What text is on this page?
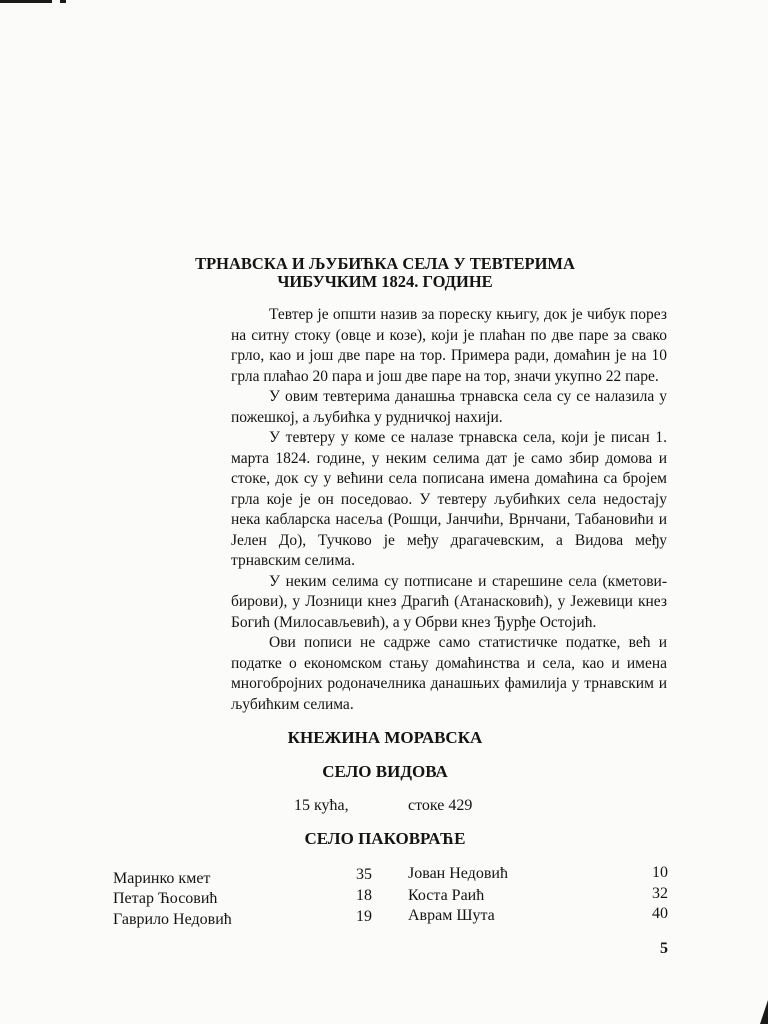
ТРНАВСКА И ЉУБИЋКА СЕЛА У ТЕВТЕРИМА
ЧИБУЧКИМ 1824. ГОДИНЕ

Тевтер је општи назив за пореску књигу, док је чибук порез на ситну стоку (овце и козе), који је плаћан по две паре за свако грло, као и још две паре на тор. Примера ради, домаћин је на 10 грла плаћао 20 пара и још две паре на тор, значи укупно 22 паре.

У овим тевтерима данашња трнавска села су се налазила у пожешкој, а љубићка у рудничкој нахији.

У тевтеру у коме се налазе трнавска села, који је писан 1. марта 1824. године, у неким селима дат је само збир домова и стоке, док су у већини села пописана имена домаћина са бројем грла које је он поседовао. У тевтеру љубићких села недостају нека кабларска насеља (Рошци, Јанчићи, Врнчани, Табановићи и Јелен До), Тучково је међу драгачевским, а Видова међу трнавским селима.

У неким селима су потписане и старешине села (кметови-бирови), у Лозници кнез Драгић (Атанасковић), у Јежевици кнез Богић (Милосављевић), а у Обрви кнез Ђурђе Остојић.

Ови пописи не садрже само статистичке податке, већ и податке о економском стању домаћинства и села, као и имена многобројних родоначелника данашњих фамилија у трнавским и љубићким селима.

КНЕЖИНА МОРАВСКА
СЕЛО ВИДОВА
15 кућа,	стоке 429
СЕЛО ПАКОВРАЋЕ
Маринко кмет	35 Јован Недовић	10
Петар Ћосовић	18 Коста Раић	32
Гаврило Недовић	19 Аврам Шута	40
5
